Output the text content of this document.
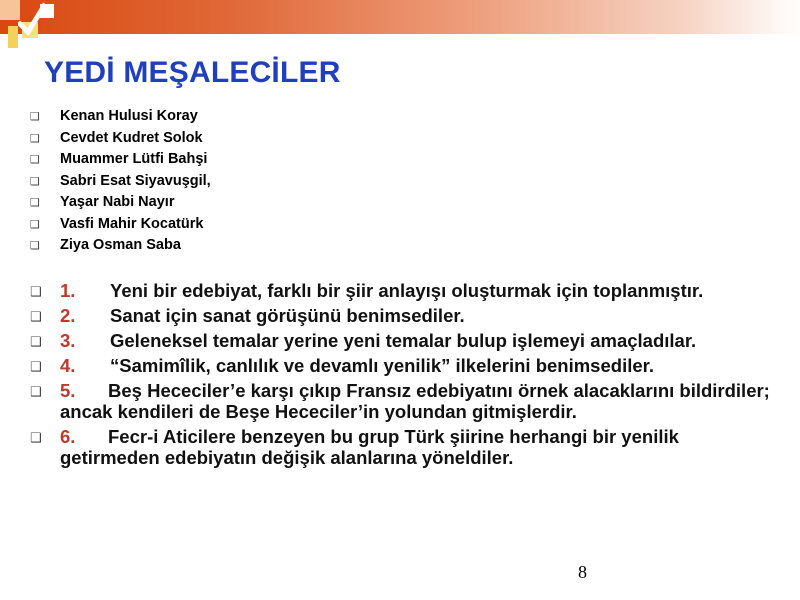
YEDİ MEŞALECİLER
❑ Kenan Hulusi Koray
❑ Cevdet Kudret Solok
❑ Muammer Lütfi Bahşi
❑ Sabri Esat Siyavuşgil,
❑ Yaşar Nabi Nayır
❑ Vasfi Mahir Kocatürk
❑ Ziya Osman Saba
❑ 1.	Yeni bir edebiyat, farklı bir şiir anlayışı oluşturmak için toplanmıştır.
❑ 2.	Sanat için sanat görüşünü benimsediler.
❑ 3.	Geleneksel temalar yerine yeni temalar bulup işlemeyi amaçladılar.
❑ 4.	“Samimîlik, canlılık ve devamlı yenilik” ilkelerini benimsediler.
❑ 5. Beş Hececiler’e karşı çıkıp Fransız edebiyatını örnek alacaklarını bildirdiler; ancak kendileri de Beşe Hececiler’in yolundan gitmişlerdir.
❑ 6. Fecr-i Aticilere benzeyen bu grup Türk şiirine herhangi bir yenilik getirmeden edebiyatın değişik alanlarına yöneldiler.
8
